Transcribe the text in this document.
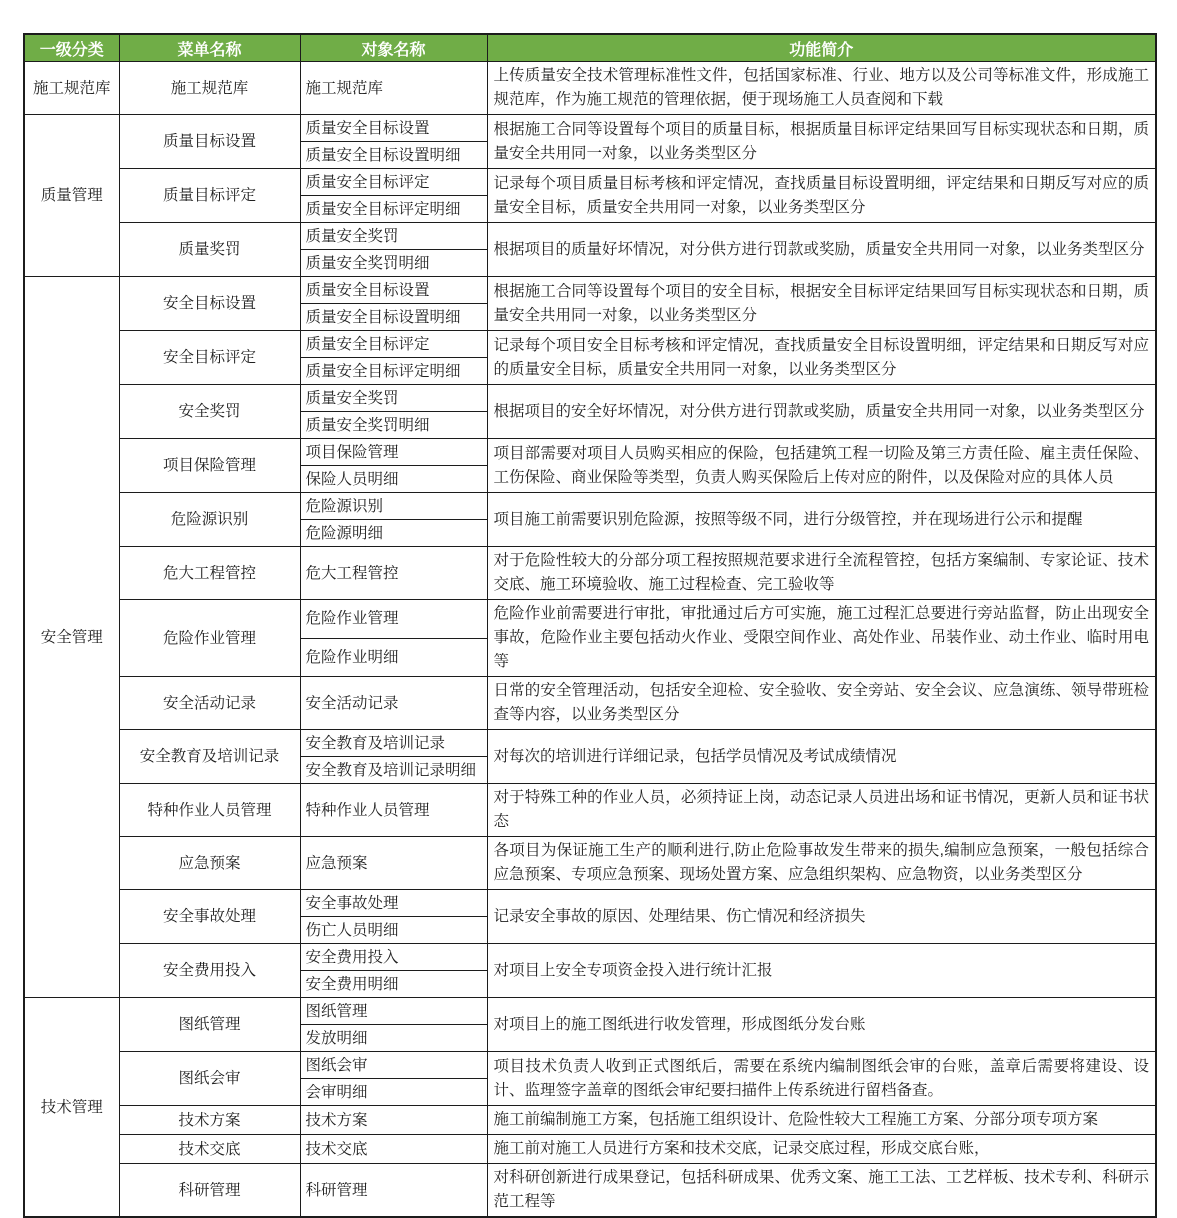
一级分类	菜单名称	对象名称	功能简介
施工规范库	施工规范库	施工规范库	上传质量安全技术管理标准性文件，包括国家标准、行业、地方以及公司等标准文件，形成施工规范库，作为施工规范的管理依据，便于现场施工人员查阅和下载
质量管理	质量目标设置	质量安全目标设置	根据施工合同等设置每个项目的质量目标，根据质量目标评定结果回写目标实现状态和日期，质量安全共用同一对象，以业务类型区分
		质量安全目标设置明细	
	质量目标评定	质量安全目标评定	记录每个项目质量目标考核和评定情况，查找质量目标设置明细，评定结果和日期反写对应的质量安全目标，质量安全共用同一对象，以业务类型区分
		质量安全目标评定明细	
	质量奖罚	质量安全奖罚	根据项目的质量好坏情况，对分供方进行罚款或奖励，质量安全共用同一对象，以业务类型区分
		质量安全奖罚明细	
安全管理	安全目标设置	质量安全目标设置	根据施工合同等设置每个项目的安全目标，根据安全目标评定结果回写目标实现状态和日期，质量安全共用同一对象，以业务类型区分
		质量安全目标设置明细	
	安全目标评定	质量安全目标评定	记录每个项目安全目标考核和评定情况，查找质量安全目标设置明细，评定结果和日期反写对应的质量安全目标，质量安全共用同一对象，以业务类型区分
		质量安全目标评定明细	
	安全奖罚	质量安全奖罚	根据项目的安全好坏情况，对分供方进行罚款或奖励，质量安全共用同一对象，以业务类型区分
		质量安全奖罚明细	
	项目保险管理	项目保险管理	项目部需要对项目人员购买相应的保险，包括建筑工程一切险及第三方责任险、雇主责任保险、工伤保险、商业保险等类型，负责人购买保险后上传对应的附件，以及保险对应的具体人员
		保险人员明细	
	危险源识别	危险源识别	项目施工前需要识别危险源，按照等级不同，进行分级管控，并在现场进行公示和提醒
		危险源明细	
	危大工程管控	危大工程管控	对于危险性较大的分部分项工程按照规范要求进行全流程管控，包括方案编制、专家论证、技术交底、施工环境验收、施工过程检查、完工验收等
	危险作业管理	危险作业管理	危险作业前需要进行审批，审批通过后方可实施，施工过程汇总要进行旁站监督，防止出现安全事故，危险作业主要包括动火作业、受限空间作业、高处作业、吊装作业、动土作业、临时用电等
		危险作业明细	
	安全活动记录	安全活动记录	日常的安全管理活动，包括安全迎检、安全验收、安全旁站、安全会议、应急演练、领导带班检查等内容，以业务类型区分
	安全教育及培训记录	安全教育及培训记录	对每次的培训进行详细记录，包括学员情况及考试成绩情况
		安全教育及培训记录明细	
	特种作业人员管理	特种作业人员管理	对于特殊工种的作业人员，必须持证上岗，动态记录人员进出场和证书情况，更新人员和证书状态
	应急预案	应急预案	各项目为保证施工生产的顺利进行,防止危险事故发生带来的损失,编制应急预案，一般包括综合应急预案、专项应急预案、现场处置方案、应急组织架构、应急物资，以业务类型区分
	安全事故处理	安全事故处理	记录安全事故的原因、处理结果、伤亡情况和经济损失
		伤亡人员明细	
	安全费用投入	安全费用投入	对项目上安全专项资金投入进行统计汇报
		安全费用明细	
技术管理	图纸管理	图纸管理	对项目上的施工图纸进行收发管理，形成图纸分发台账
		发放明细	
	图纸会审	图纸会审	项目技术负责人收到正式图纸后，需要在系统内编制图纸会审的台账，盖章后需要将建设、设计、监理签字盖章的图纸会审纪要扫描件上传系统进行留档备查。
		会审明细	
	技术方案	技术方案	施工前编制施工方案，包括施工组织设计、危险性较大工程施工方案、分部分项专项方案
	技术交底	技术交底	施工前对施工人员进行方案和技术交底，记录交底过程，形成交底台账，
	科研管理	科研管理	对科研创新进行成果登记，包括科研成果、优秀文案、施工工法、工艺样板、技术专利、科研示范工程等
